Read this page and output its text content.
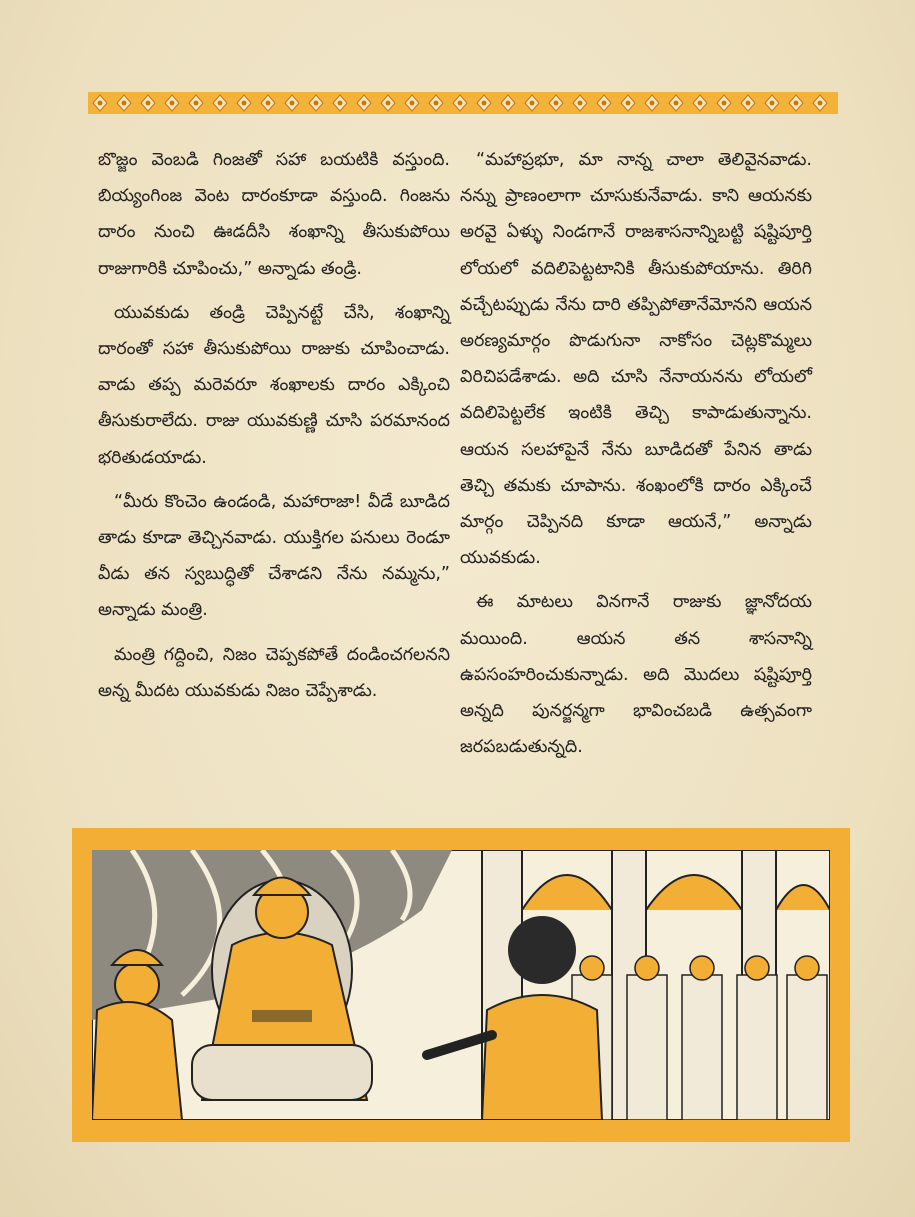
బొజ్జం వెంబడి గింజతో సహా బయటికి వస్తుంది. బియ్యంగింజ వెంట దారంకూడా వస్తుంది. గింజను దారం నుంచి ఊడదీసి శంఖాన్ని తీసుకుపోయి రాజుగారికి చూపించు,” అన్నాడు తండ్రి.

యువకుడు తండ్రి చెప్పినట్టే చేసి, శంఖాన్ని దారంతో సహా తీసుకుపోయి రాజుకు చూపించాడు. వాడు తప్ప మరెవరూ శంఖాలకు దారం ఎక్కించి తీసుకురాలేదు. రాజు యువకుణ్ణి చూసి పరమానంద భరితుడయాడు.

“మీరు కొంచెం ఉండండి, మహారాజా! వీడే బూడిద తాడు కూడా తెచ్చినవాడు. యుక్తిగల పనులు రెండూ వీడు తన స్వబుద్ధితో చేశాడని నేను నమ్మను,” అన్నాడు మంత్రి.

మంత్రి గద్దించి, నిజం చెప్పకపోతే దండించగలనని అన్న మీదట యువకుడు నిజం చెప్పేశాడు.

“మహాప్రభూ, మా నాన్న చాలా తెలివైనవాడు. నన్ను ప్రాణంలాగా చూసుకునేవాడు. కాని ఆయనకు అరవై ఏళ్ళు నిండగానే రాజశాసనాన్నిబట్టి షష్టిపూర్తి లోయలో వదిలిపెట్టటానికి తీసుకుపోయాను. తిరిగి వచ్చేటప్పుడు నేను దారి తప్పిపోతానేమోనని ఆయన అరణ్యమార్గం పొడుగునా నాకోసం చెట్లకొమ్మలు విరిచిపడేశాడు. అది చూసి నేనాయనను లోయలో వదిలిపెట్టలేక ఇంటికి తెచ్చి కాపాడుతున్నాను. ఆయన సలహాపైనే నేను బూడిదతో పేనిన తాడు తెచ్చి తమకు చూపాను. శంఖంలోకి దారం ఎక్కించే మార్గం చెప్పినది కూడా ఆయనే,” అన్నాడు యువకుడు.

ఈ మాటలు వినగానే రాజుకు జ్ఞానోదయ మయింది. ఆయన తన శాసనాన్ని ఉపసంహరించుకున్నాడు. అది మొదలు షష్టిపూర్తి అన్నది పునర్జన్మగా భావించబడి ఉత్సవంగా జరపబడుతున్నది.
